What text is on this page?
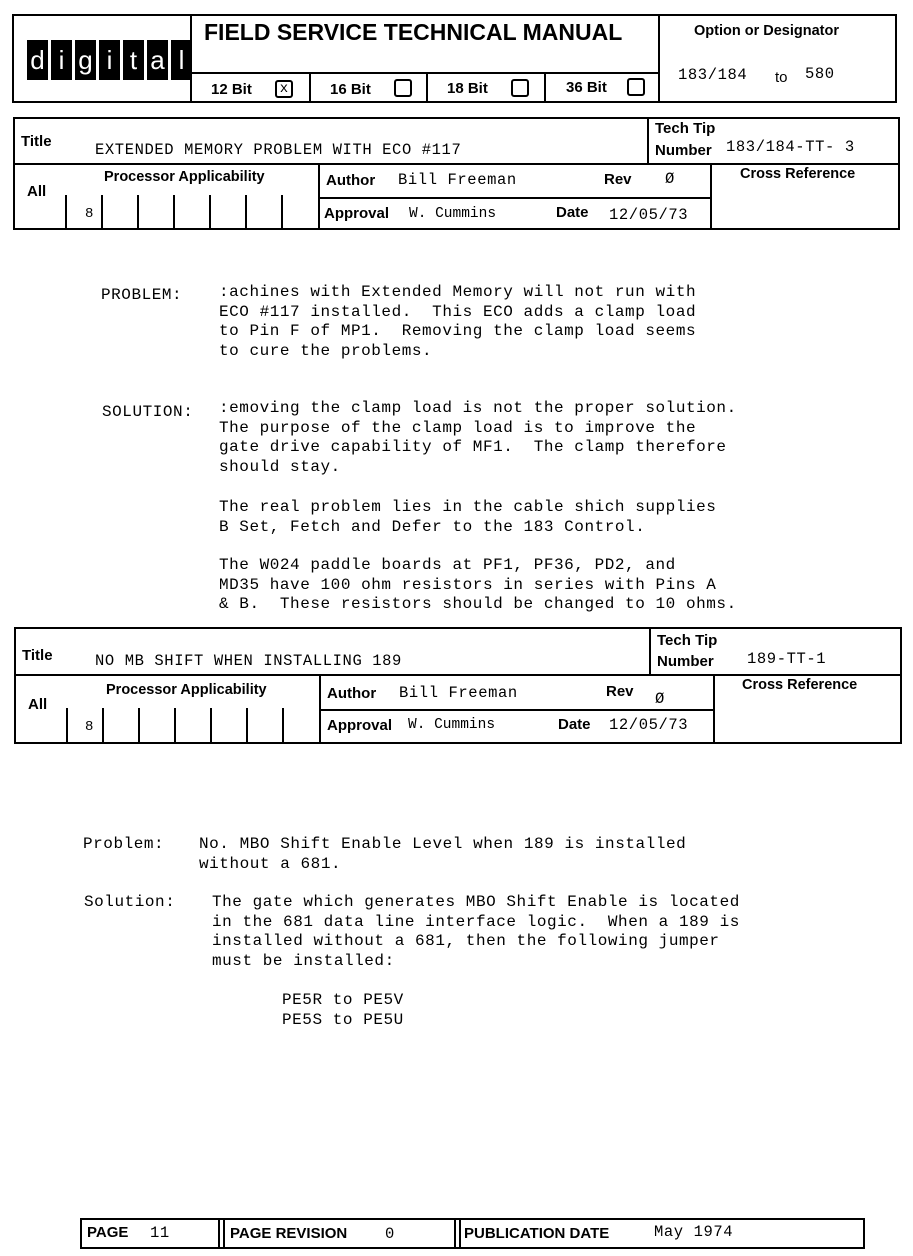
d i g i t a l
FIELD SERVICE TECHNICAL MANUAL
12 Bit	x	16 Bit	18 Bit	36 Bit
Option or Designator
183/184 to 580
Title	EXTENDED MEMORY PROBLEM WITH ECO #117
Tech Tip
Number 183/184-TT- 3
All
Processor Applicability
8
Author Bill Freeman	Rev Ø	Cross Reference
Approval W. Cummins	Date 12/05/73
PROBLEM: :achines with Extended Memory will not run with
ECO #117 installed.  This ECO adds a clamp load
to Pin F of MP1.  Removing the clamp load seems
to cure the problems.
SOLUTION: :emoving the clamp load is not the proper solution.
The purpose of the clamp load is to improve the
gate drive capability of MF1.  The clamp therefore
should stay.
The real problem lies in the cable shich supplies
B Set, Fetch and Defer to the 183 Control.
The W024 paddle boards at PF1, PF36, PD2, and
MD35 have 100 ohm resistors in series with Pins A
& B.  These resistors should be changed to 10 ohms.
Title	NO MB SHIFT WHEN INSTALLING 189
Tech Tip
Number 189-TT-1
All
Processor Applicability
8
Author Bill Freeman	Rev Ø
Cross Reference
Approval W. Cummins	Date 12/05/73
Problem: No. MBO Shift Enable Level when 189 is installed
without a 681.
Solution: The gate which generates MBO Shift Enable is located
in the 681 data line interface logic.  When a 189 is
installed without a 681, then the following jumper
must be installed:
PE5R to PE5V
PE5S to PE5U
PAGE 11	PAGE REVISION 0	PUBLICATION DATE	May 1974
